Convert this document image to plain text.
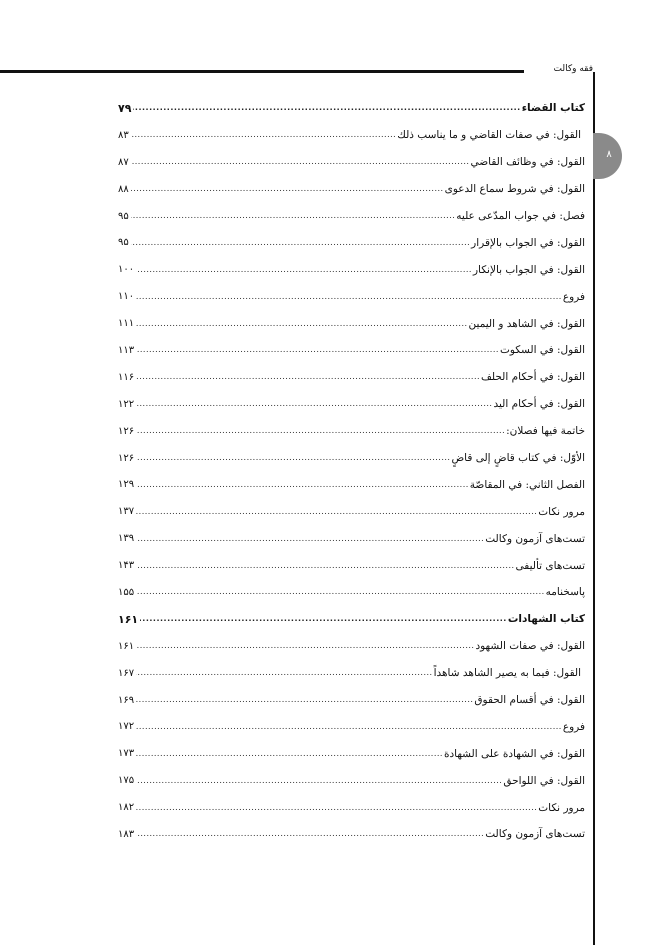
فقه وکالت
۸
کتاب القضاء
.....
۷۹
القول: في صفات القاضي و ما يناسب ذلك
.....
۸۳
القول: في وظائف القاضي
.....
۸۷
القول: في شروط سماع الدعوى
.....
۸۸
فصل: في جواب المدّعى عليه
.....
۹۵
القول: في الجواب بالإقرار
.....
۹۵
القول: في الجواب بالإنكار
.....
۱۰۰
فروع
.....
۱۱۰
القول: في الشاهد و اليمين
.....
۱۱۱
القول: في السكوت
.....
۱۱۳
القول: في أحكام الحلف
.....
۱۱۶
القول: في أحكام اليد
.....
۱۲۲
خاتمة فيها فصلان:
.....
۱۲۶
الأوّل: في كتاب قاضٍ إلى قاضٍ
.....
۱۲۶
الفصل الثاني: في المقاصّة
.....
۱۲۹
مرور نکات
.....
۱۳۷
تست‌های آزمون وکالت
.....
۱۳۹
تست‌های تألیفی
.....
۱۴۳
پاسخنامه
.....
۱۵۵
کتاب الشهادات
.....
۱۶۱
القول: في صفات الشهود
.....
۱۶۱
القول: فيما به يصير الشاهد شاهداً
.....
۱۶۷
القول: في أقسام الحقوق
.....
۱۶۹
فروع
.....
۱۷۲
القول: في الشهادة على الشهادة
.....
۱۷۳
القول: في اللواحق
.....
۱۷۵
مرور نکات
.....
۱۸۲
تست‌های آزمون وکالت
.....
۱۸۳
